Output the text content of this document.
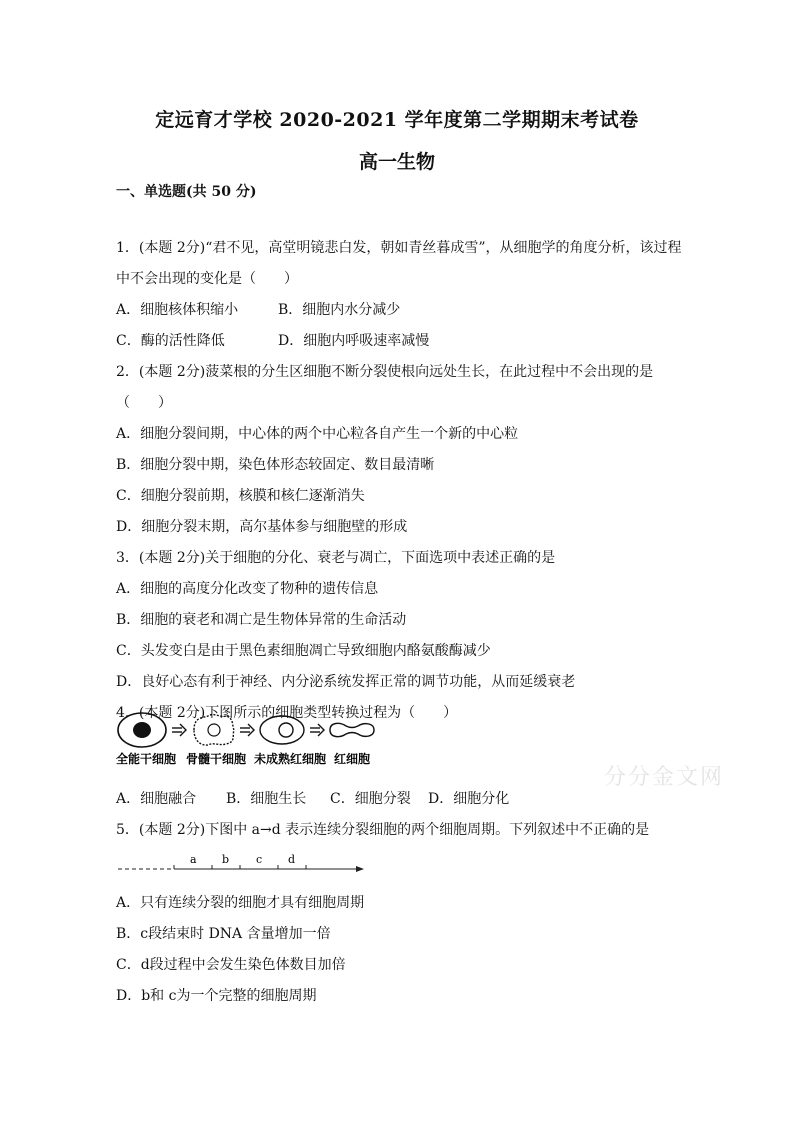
定远育才学校 2020-2021 学年度第二学期期末考试卷
高一生物
一、单选题(共 50 分)
1．(本题 2分)“君不见，高堂明镜悲白发，朝如青丝暮成雪”，从细胞学的角度分析，该过程
中不会出现的变化是（　　）
A．细胞核体积缩小	B．细胞内水分减少
C．酶的活性降低	D．细胞内呼吸速率减慢
2．(本题 2分)菠菜根的分生区细胞不断分裂使根向远处生长，在此过程中不会出现的是
（　　）
A．细胞分裂间期，中心体的两个中心粒各自产生一个新的中心粒
B．细胞分裂中期，染色体形态较固定、数目最清晰
C．细胞分裂前期，核膜和核仁逐渐消失
D．细胞分裂末期，高尔基体参与细胞壁的形成
3．(本题 2分)关于细胞的分化、衰老与凋亡，下面选项中表述正确的是
A．细胞的高度分化改变了物种的遗传信息
B．细胞的衰老和凋亡是生物体异常的生命活动
C．头发变白是由于黑色素细胞凋亡导致细胞内酪氨酸酶减少
D．良好心态有利于神经、内分泌系统发挥正常的调节功能，从而延缓衰老
4．(本题 2分)下图所示的细胞类型转换过程为（　　）
全能干细胞 骨髓干细胞 未成熟红细胞 红细胞
分分金文网
A．细胞融合 B．细胞生长 C．细胞分裂 D．细胞分化
5．(本题 2分)下图中 a→d 表示连续分裂细胞的两个细胞周期。下列叙述中不正确的是
a b c d
A．只有连续分裂的细胞才具有细胞周期
B．c段结束时 DNA 含量增加一倍
C．d段过程中会发生染色体数目加倍
D．b和 c为一个完整的细胞周期
